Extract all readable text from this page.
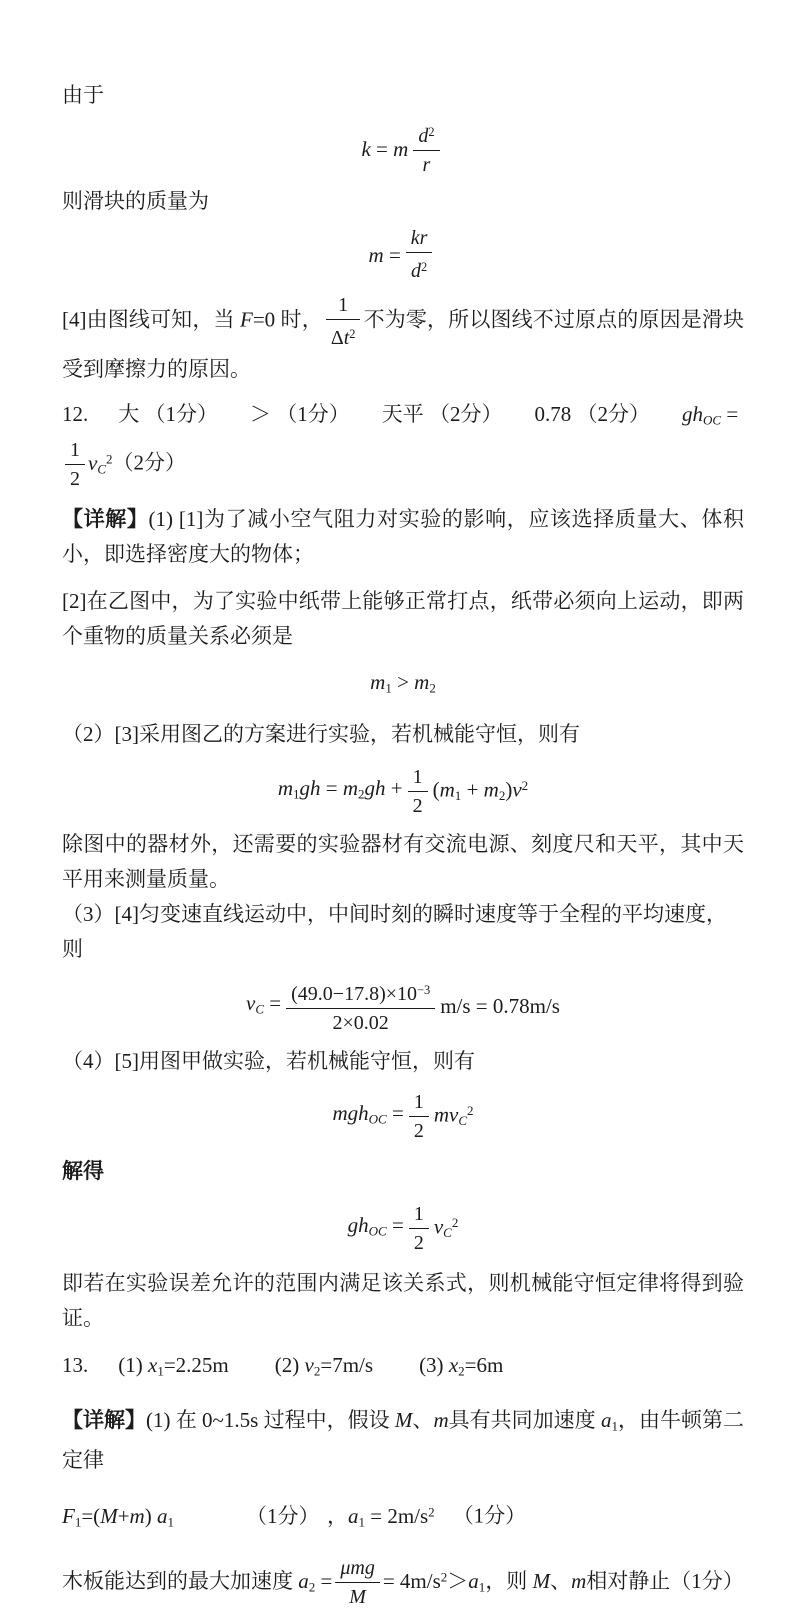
由于
k = m $\frac{d^2}{r}$
则滑块的质量为
$m = \frac{kr}{d^2}$
[4]由图线可知，当 F=0 时， $\frac{1}{\Delta t^2}$ 不为零，所以图线不过原点的原因是滑块受到摩擦力的原因。
12. 大 （1分） ＞ （1分） 天平 （2分） 0.78 （2分） $gh_{OC}$ =
$\frac{1}{2} v_C^2(2$分）
【详解】(1) [1]为了减小空气阻力对实验的影响，应该选择质量大、体积小，即选择密度大的物体；
[2]在乙图中，为了实验中纸带上能够正常打点，纸带必须向上运动，即两个重物的质量关系必须是
$m_1 > m_2$
（2）[3]采用图乙的方案进行实验，若机械能守恒，则有
$m_1gh = m_2gh + \frac{1}{2} (m_1 + m_2)v^2$
除图中的器材外，还需要的实验器材有交流电源、刻度尺和天平，其中天平用来测量质量。
（3）[4]匀变速直线运动中，中间时刻的瞬时速度等于全程的平均速度，则
$v_C = \frac{(49.0-17.8)\times 10^{-3}}{2\times 0.02} m/s = 0.78m/s$
（4）[5]用图甲做实验，若机械能守恒，则有
$mgh_{OC} = \frac{1}{2} mv_C^2$
解得
$gh_{OC} = \frac{1}{2} v_C^2$
即若在实验误差允许的范围内满足该关系式，则机械能守恒定律将得到验证。
13. (1) $x_1=2.25m$ (2) $v_2=7m/s$ (3) $x_2=6m$
【详解】(1) 在 0~1.5s 过程中，假设 M、m具有共同加速度 $a_1$，由牛顿第二定律
$F_1=(M+m)$ $a_1$	（1分） ，$a_1 = 2m/s^2$ （1分）
木板能达到的最大加速度 $a_2 = \frac{\text{μmg}}{M} = 4m/s^2>a_1$，则 M、m相对静止（1分）
